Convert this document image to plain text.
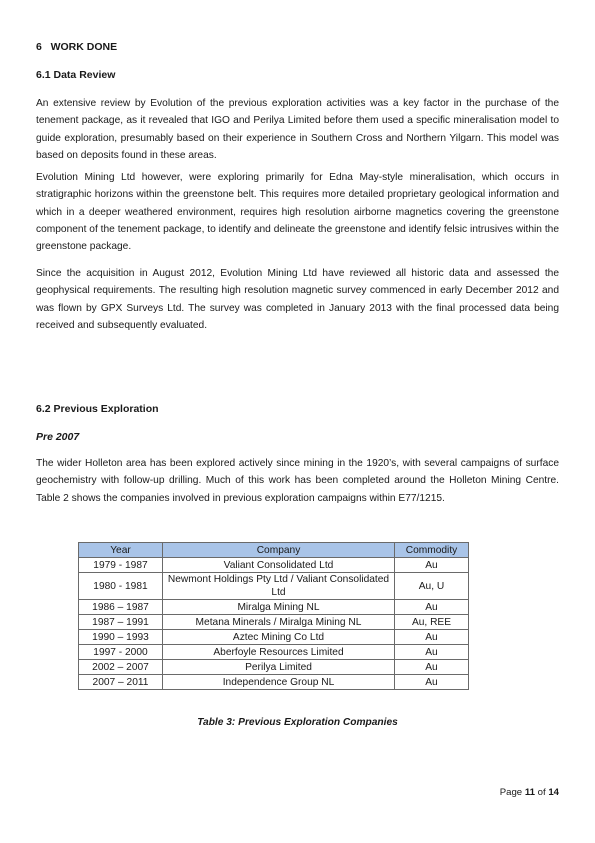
6 WORK DONE
6.1 Data Review

An extensive review by Evolution of the previous exploration activities was a key factor in the purchase of the tenement package, as it revealed that IGO and Perilya Limited before them used a specific mineralisation model to guide exploration, presumably based on their experience in Southern Cross and Northern Yilgarn. This model was based on deposits found in these areas.

Evolution Mining Ltd however, were exploring primarily for Edna May-style mineralisation, which occurs in stratigraphic horizons within the greenstone belt. This requires more detailed proprietary geological information and which in a deeper weathered environment, requires high resolution airborne magnetics covering the greenstone component of the tenement package, to identify and delineate the greenstone and identify felsic intrusives within the greenstone package.

Since the acquisition in August 2012, Evolution Mining Ltd have reviewed all historic data and assessed the geophysical requirements. The resulting high resolution magnetic survey commenced in early December 2012 and was flown by GPX Surveys Ltd. The survey was completed in January 2013 with the final processed data being received and subsequently evaluated.

6.2 Previous Exploration
Pre 2007

The wider Holleton area has been explored actively since mining in the 1920’s, with several campaigns of surface geochemistry with follow-up drilling. Much of this work has been completed around the Holleton Mining Centre. Table 2 shows the companies involved in previous exploration campaigns within E77/1215.

Year	Company	Commodity
1979 - 1987	Valiant Consolidated Ltd	Au
1980 - 1981	Newmont Holdings Pty Ltd / Valiant Consolidated Ltd	Au, U
1986 – 1987	Miralga Mining NL	Au
1987 – 1991	Metana Minerals / Miralga Mining NL	Au, REE
1990 – 1993	Aztec Mining Co Ltd	Au
1997 - 2000	Aberfoyle Resources Limited	Au
2002 – 2007	Perilya Limited	Au
2007 – 2011	Independence Group NL	Au
Table 3: Previous Exploration Companies
Page 11 of 14
